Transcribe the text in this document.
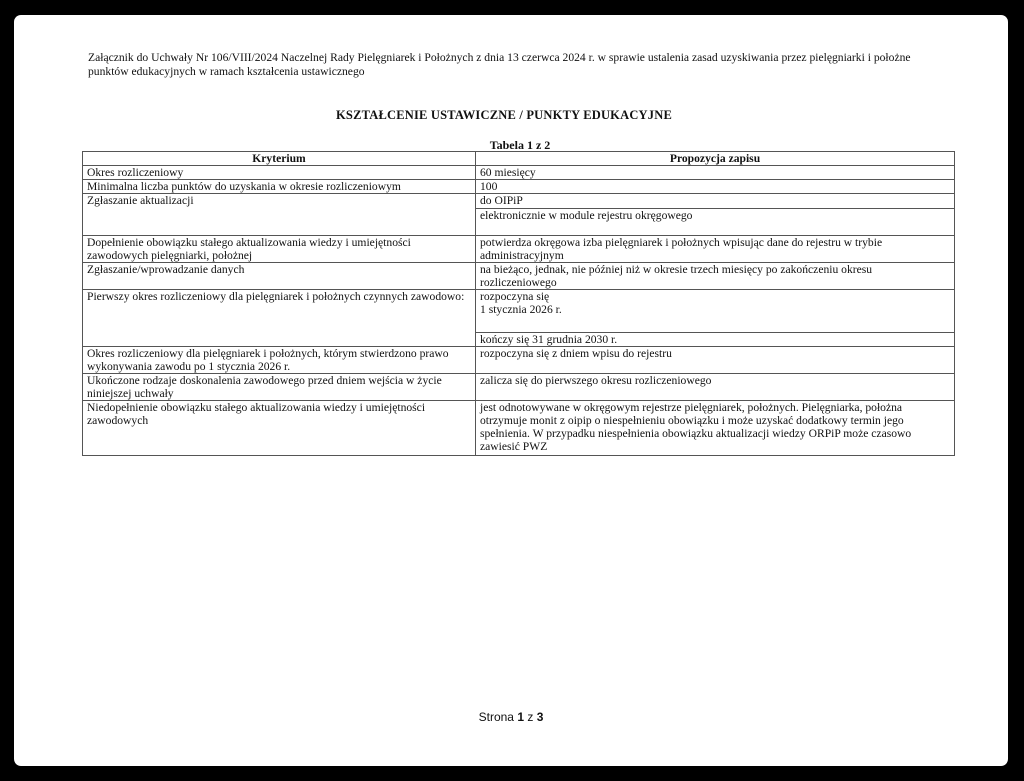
Załącznik do Uchwały Nr 106/VIII/2024 Naczelnej Rady Pielęgniarek i Położnych z dnia 13 czerwca 2024 r. w sprawie ustalenia zasad uzyskiwania przez pielęgniarki i położne punktów edukacyjnych w ramach kształcenia ustawicznego
KSZTAŁCENIE USTAWICZNE / PUNKTY EDUKACYJNE
Tabela 1 z 2
Kryterium	Propozycja zapisu
Okres rozliczeniowy	60 miesięcy
Minimalna liczba punktów do uzyskania w okresie rozliczeniowym	100
Zgłaszanie aktualizacji	do OIPiP
	elektronicznie w module rejestru okręgowego
Dopełnienie obowiązku stałego aktualizowania wiedzy i umiejętności zawodowych pielęgniarki, położnej	potwierdza okręgowa izba pielęgniarek i położnych wpisując dane do rejestru w trybie administracyjnym
Zgłaszanie/wprowadzanie danych	na bieżąco, jednak, nie później niż w okresie trzech miesięcy po zakończeniu okresu rozliczeniowego
Pierwszy okres rozliczeniowy dla pielęgniarek i położnych czynnych zawodowo:	rozpoczyna się
1 stycznia 2026 r.

	kończy się 31 grudnia 2030 r.
Okres rozliczeniowy dla pielęgniarek i położnych, którym stwierdzono prawo wykonywania zawodu po 1 stycznia 2026 r.	rozpoczyna się z dniem wpisu do rejestru
Ukończone rodzaje doskonalenia zawodowego przed dniem wejścia w życie niniejszej uchwały	zalicza się do pierwszego okresu rozliczeniowego
Niedopełnienie obowiązku stałego aktualizowania wiedzy i umiejętności zawodowych	jest odnotowywane w okręgowym rejestrze pielęgniarek, położnych. Pielęgniarka, położna otrzymuje monit z oipip o niespełnieniu obowiązku i może uzyskać dodatkowy termin jego spełnienia. W przypadku niespełnienia obowiązku aktualizacji wiedzy ORPiP może czasowo zawiesić PWZ
Strona 1 z 3
